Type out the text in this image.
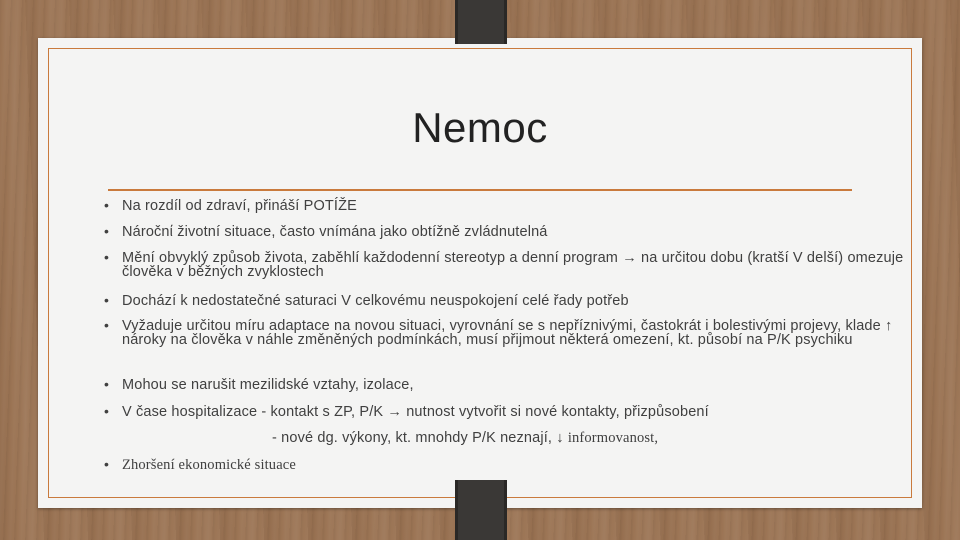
Nemoc
• Na rozdíl od zdraví, přináší POTÍŽE
• Náročnί životní situace, často vnímána jako obtížně zvládnutelná
• Mění obvyklý způsob života, zaběhlí každodenní stereotyp a denní program → na určitou dobu (kratší V delší) omezuje člověka v běžných zvyklostech
• Dochází k nedostatečné saturaci V celkovému neuspokojení celé řady potřeb
• Vyžaduje určitou míru adaptace na novou situaci, vyrovnání se s nepříznivými, častokrát i bolestivými projevy, klade ↑ nároky na člověka v náhle změněných podmínkách, musí přijmout některá omezení, kt. působí na P/K psychiku
• Mohou se narušit mezilidské vztahy, izolace,
• V čase hospitalizace - kontakt s ZP, P/K → nutnost vytvořit si nové kontakty, přizpůsobení
- nové dg. výkony, kt. mnohdy P/K neznají, ↓ informovanost,
• Zhoršení ekonomické situace
